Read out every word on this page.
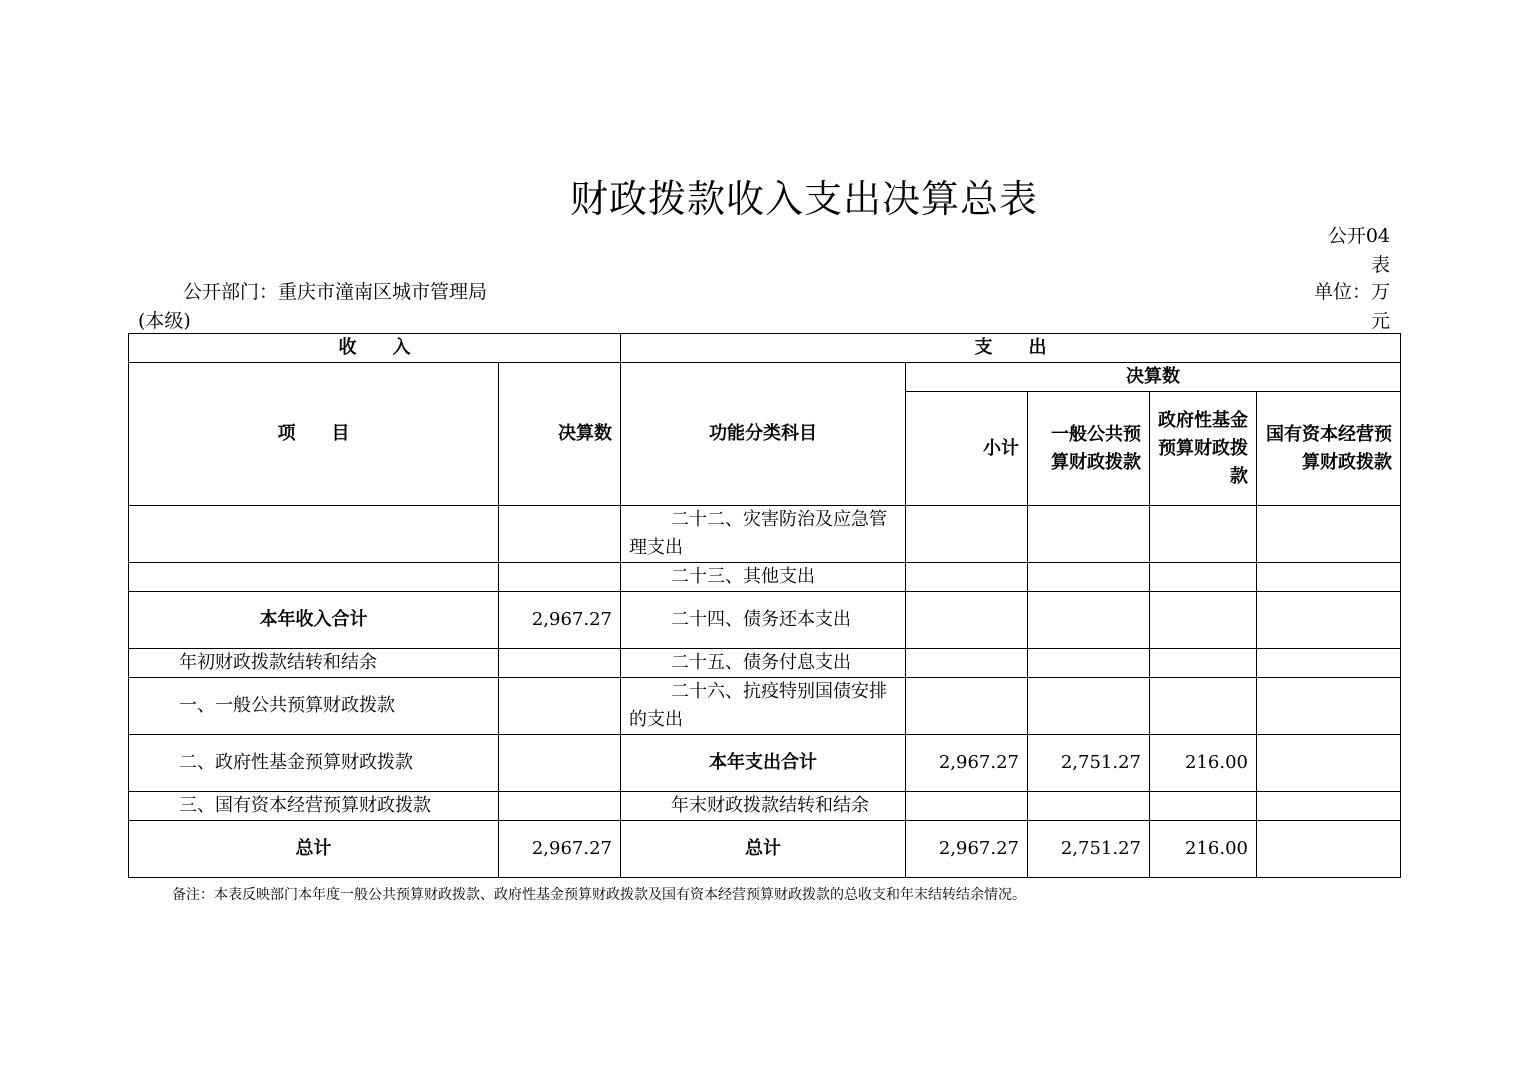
财政拨款收入支出决算总表
公开04表
公开部门：重庆市潼南区城市管理局(本级)
单位：万元
收　　入		支　　出				
项　　目	决算数	功能分类科目	决算数			
			小计	一般公共预算财政拨款	政府性基金预算财政拨款	国有资本经营预算财政拨款
		二十二、灾害防治及应急管理支出				
		二十三、其他支出				
本年收入合计	2,967.27	二十四、债务还本支出				
年初财政拨款结转和结余		二十五、债务付息支出				
一、一般公共预算财政拨款		二十六、抗疫特别国债安排的支出				
二、政府性基金预算财政拨款		本年支出合计	2,967.27	2,751.27	216.00	
三、国有资本经营预算财政拨款		年末财政拨款结转和结余				
总计	2,967.27	总计	2,967.27	2,751.27	216.00	
备注：本表反映部门本年度一般公共预算财政拨款、政府性基金预算财政拨款及国有资本经营预算财政拨款的总收支和年末结转结余情况。
